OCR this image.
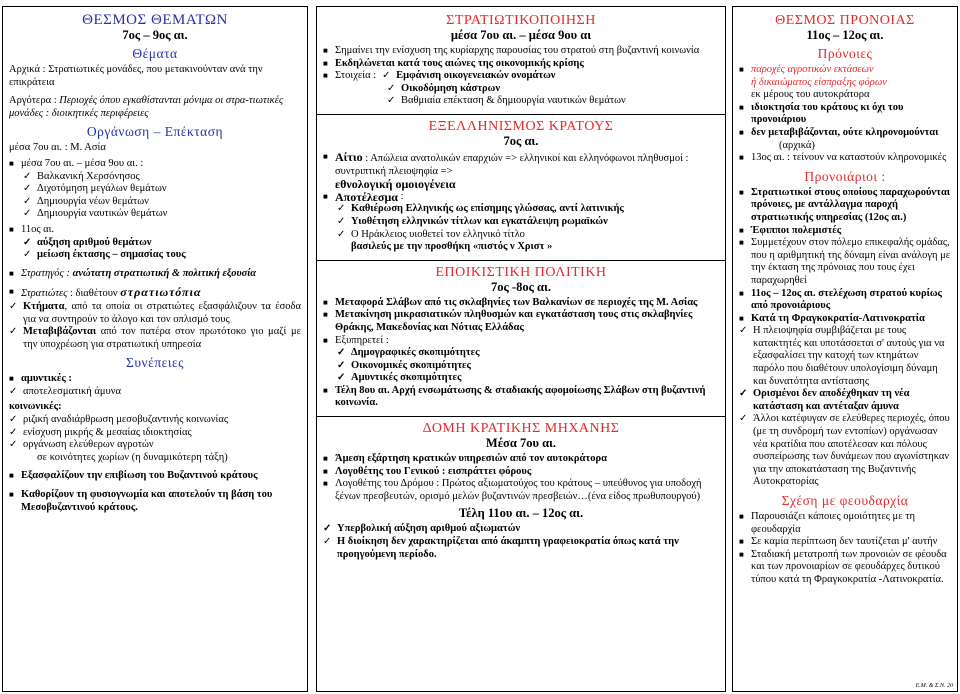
ΘΕΣΜΟΣ ΘΕΜΑΤΩΝ
7ος – 9ος αι.
Θέματα

Αρχικά : Στρατιωτικές μονάδες, που μετακινούνταν ανά την επικράτεια

Αργότερα : Περιοχές όπου εγκαθίστανται μόνιμα οι στρα-τιωτικές μονάδες : διοικητικές περιφέρειες

Οργάνωση – Επέκταση

μέσα 7ου αι. : Μ. Ασία

■ μέσα 7ου αι. – μέσα 9ου αι. :
✓ Βαλκανική Χερσόνησος
✓ Διχοτόμηση μεγάλων θεμάτων
✓ Δημιουργία νέων θεμάτων
✓ Δημιουργία ναυτικών θεμάτων
■ 11ος αι.
✓ αύξηση αριθμού θεμάτων
✓ μείωση έκτασης – σημασίας τους
■ Στρατηγός : ανώτατη στρατιωτική & πολιτική εξουσία
■ Στρατιώτες : διαθέτουν στρατιωτόπια
✓ Κτήματα, από τα οποία οι στρατιώτες εξασφάλιζουν τα έσοδα για να συντηρούν το άλογο και τον οπλισμό τους
✓ Μεταβιβάζονται από τον πατέρα στον πρωτότοκο γιο μαζί με την υποχρέωση για στρατιωτική υπηρεσία
Συνέπειες
■ αμυντικές :
✓ αποτελεσματική άμυνα
κοινωνικές:
✓ ριζική αναδιάρθρωση μεσοβυζαντινής κοινωνίας
✓ ενίσχυση μικρής & μεσαίας ιδιοκτησίας
✓ οργάνωση ελεύθερων αγροτών
σε κοινότητες χωρίων (η δυναμικότερη τάξη)
■ Εξασφαλίζουν την επιβίωση του Βυζαντινού κράτους
■ Καθορίζουν τη φυσιογνωμία και αποτελούν τη βάση του Μεσοβυζαντινού κράτους.
ΣΤΡΑΤΙΩΤΙΚΟΠΟΙΗΣΗ
μέσα 7ου αι. – μέσα 9ου αι
■ Σημαίνει την ενίσχυση της κυρίαρχης παρουσίας του στρατού στη βυζαντινή κοινωνία
■ Εκδηλώνεται κατά τους αιώνες της οικονομικής κρίσης
■ Στοιχεία : ✓ Εμφάνιση οικογενειακών ονομάτων
✓ Οικοδόμηση κάστρων
✓ Βαθμιαία επέκταση & δημιουργία ναυτικών θεμάτων
ΕΞΕΛΛΗΝΙΣΜΟΣ ΚΡΑΤΟΥΣ
7ος αι.
■ Αίτιο : Απώλεια ανατολικών επαρχιών => ελληνικοί και ελληνόφωνοι πληθυσμοί : συντριπτική πλειοψηφία =>
εθνολογική ομοιογένεια
■ Αποτέλεσμα :
✓ Καθιέρωση Ελληνικής ως επίσημης γλώσσας, αντί λατινικής
✓ Υιοθέτηση ελληνικών τίτλων και εγκατάλειψη ρωμαϊκών
✓ Ο Ηράκλειος υιοθετεί τον ελληνικό τίτλο
βασιλεύς με την προσθήκη «πιστός ν Χριστ »
ΕΠΟΙΚΙΣΤΙΚΗ ΠΟΛΙΤΙΚΗ
7ος -8ος αι.
■ Μεταφορά Σλάβων από τις σκλαβηνίες των Βαλκανίων σε περιοχές της Μ. Ασίας
■ Μετακίνηση μικρασιατικών πληθυσμών και εγκατάσταση τους στις σκλαβηνίες Θράκης, Μακεδονίας και Νότιας Ελλάδας
■ Εξυπηρετεί :
✓ Δημογραφικές σκοπιμότητες
✓ Οικονομικές σκοπιμότητες
✓ Αμυντικές σκοπιμότητες
■ Τέλη 8ου αι. Αρχή ενσωμάτωσης & σταδιακής αφομοίωσης Σλάβων στη βυζαντινή κοινωνία.
ΔΟΜΗ ΚΡΑΤΙΚΗΣ ΜΗΧΑΝΗΣ
Μέσα 7ου αι.
■ Άμεση εξάρτηση κρατικών υπηρεσιών από τον αυτοκράτορα
■ Λογοθέτης του Γενικού : εισπράττει φόρους
■ Λογοθέτης του Δρόμου : Πρώτος αξιωματούχος του κράτους – υπεύθυνος για υποδοχή ξένων πρεσβευτών, ορισμό μελών βυζαντινών πρεσβειών…(ένα είδος πρωθυπουργού)
Τέλη 11ου αι. – 12ος αι.
✓ Υπερβολική αύξηση αριθμού αξιωματών
✓ Η διοίκηση δεν χαρακτηρίζεται από άκαμπτη γραφειοκρατία όπως κατά την προηγούμενη περίοδο.
ΘΕΣΜΟΣ ΠΡΟΝΟΙΑΣ
11ος – 12ος αι.
Πρόνοιες
■ παροχές αγροτικών εκτάσεων
ή δικαιώματος είσπραξης φόρων
εκ μέρους του αυτοκράτορα
■ ιδιοκτησία του κράτους κι όχι του προνοιάριου
■ δεν μεταβιβάζονται, ούτε κληρονομούνται
(αρχικά)
■ 13ος αι. : τείνουν να καταστούν κληρονομικές
Προνοιάριοι :
■ Στρατιωτικοί στους οποίους παραχωρούνται πρόνοιες, με αντάλλαγμα παροχή στρατιωτικής υπηρεσίας (12ος αι.)
■ Έφιπποι πολεμιστές
■ Συμμετέχουν στον πόλεμο επικεφαλής ομάδας, που η αριθμητική της δύναμη είναι ανάλογη με την έκταση της πρόνοιας που τους έχει παραχωρηθεί
■ 11ος – 12ος αι. στελέχωση στρατού κυρίως από προνοιάριους
■ Κατά τη Φραγκοκρατία-Λατινοκρατία
✓ Η πλειοψηφία συμβιβάζεται με τους κατακτητές και υποτάσσεται σ' αυτούς για να εξασφαλίσει την κατοχή των κτημάτων παρόλο που διαθέτουν υπολογίσιμη δύναμη και δυνατότητα αντίστασης
✓ Ορισμένοι δεν αποδέχθηκαν τη νέα κατάσταση και αντέταξαν άμυνα
✓ Άλλοι κατέφυγαν σε ελεύθερες περιοχές, όπου (με τη συνδρομή των εντοπίων) οργάνωσαν νέα κρατίδια που αποτέλεσαν και πόλους συσπείρωσης των δυνάμεων που αγωνίστηκαν για την αποκατάσταση της Βυζαντινής Αυτοκρατορίας
Σχέση με φεουδαρχία
■ Παρουσιάζει κάποιες ομοιότητες με τη φεουδαρχία
■ Σε καμία περίπτωση δεν ταυτίζεται μ' αυτήν
■ Σταδιακή μετατροπή των προνοιών σε φέουδα και των προνοιαρίων σε φεουδάρχες δυτικού τύπου κατά τη Φραγκοκρατία -Λατινοκρατία.
Ε.Μ. & Σ.Ν. 20
